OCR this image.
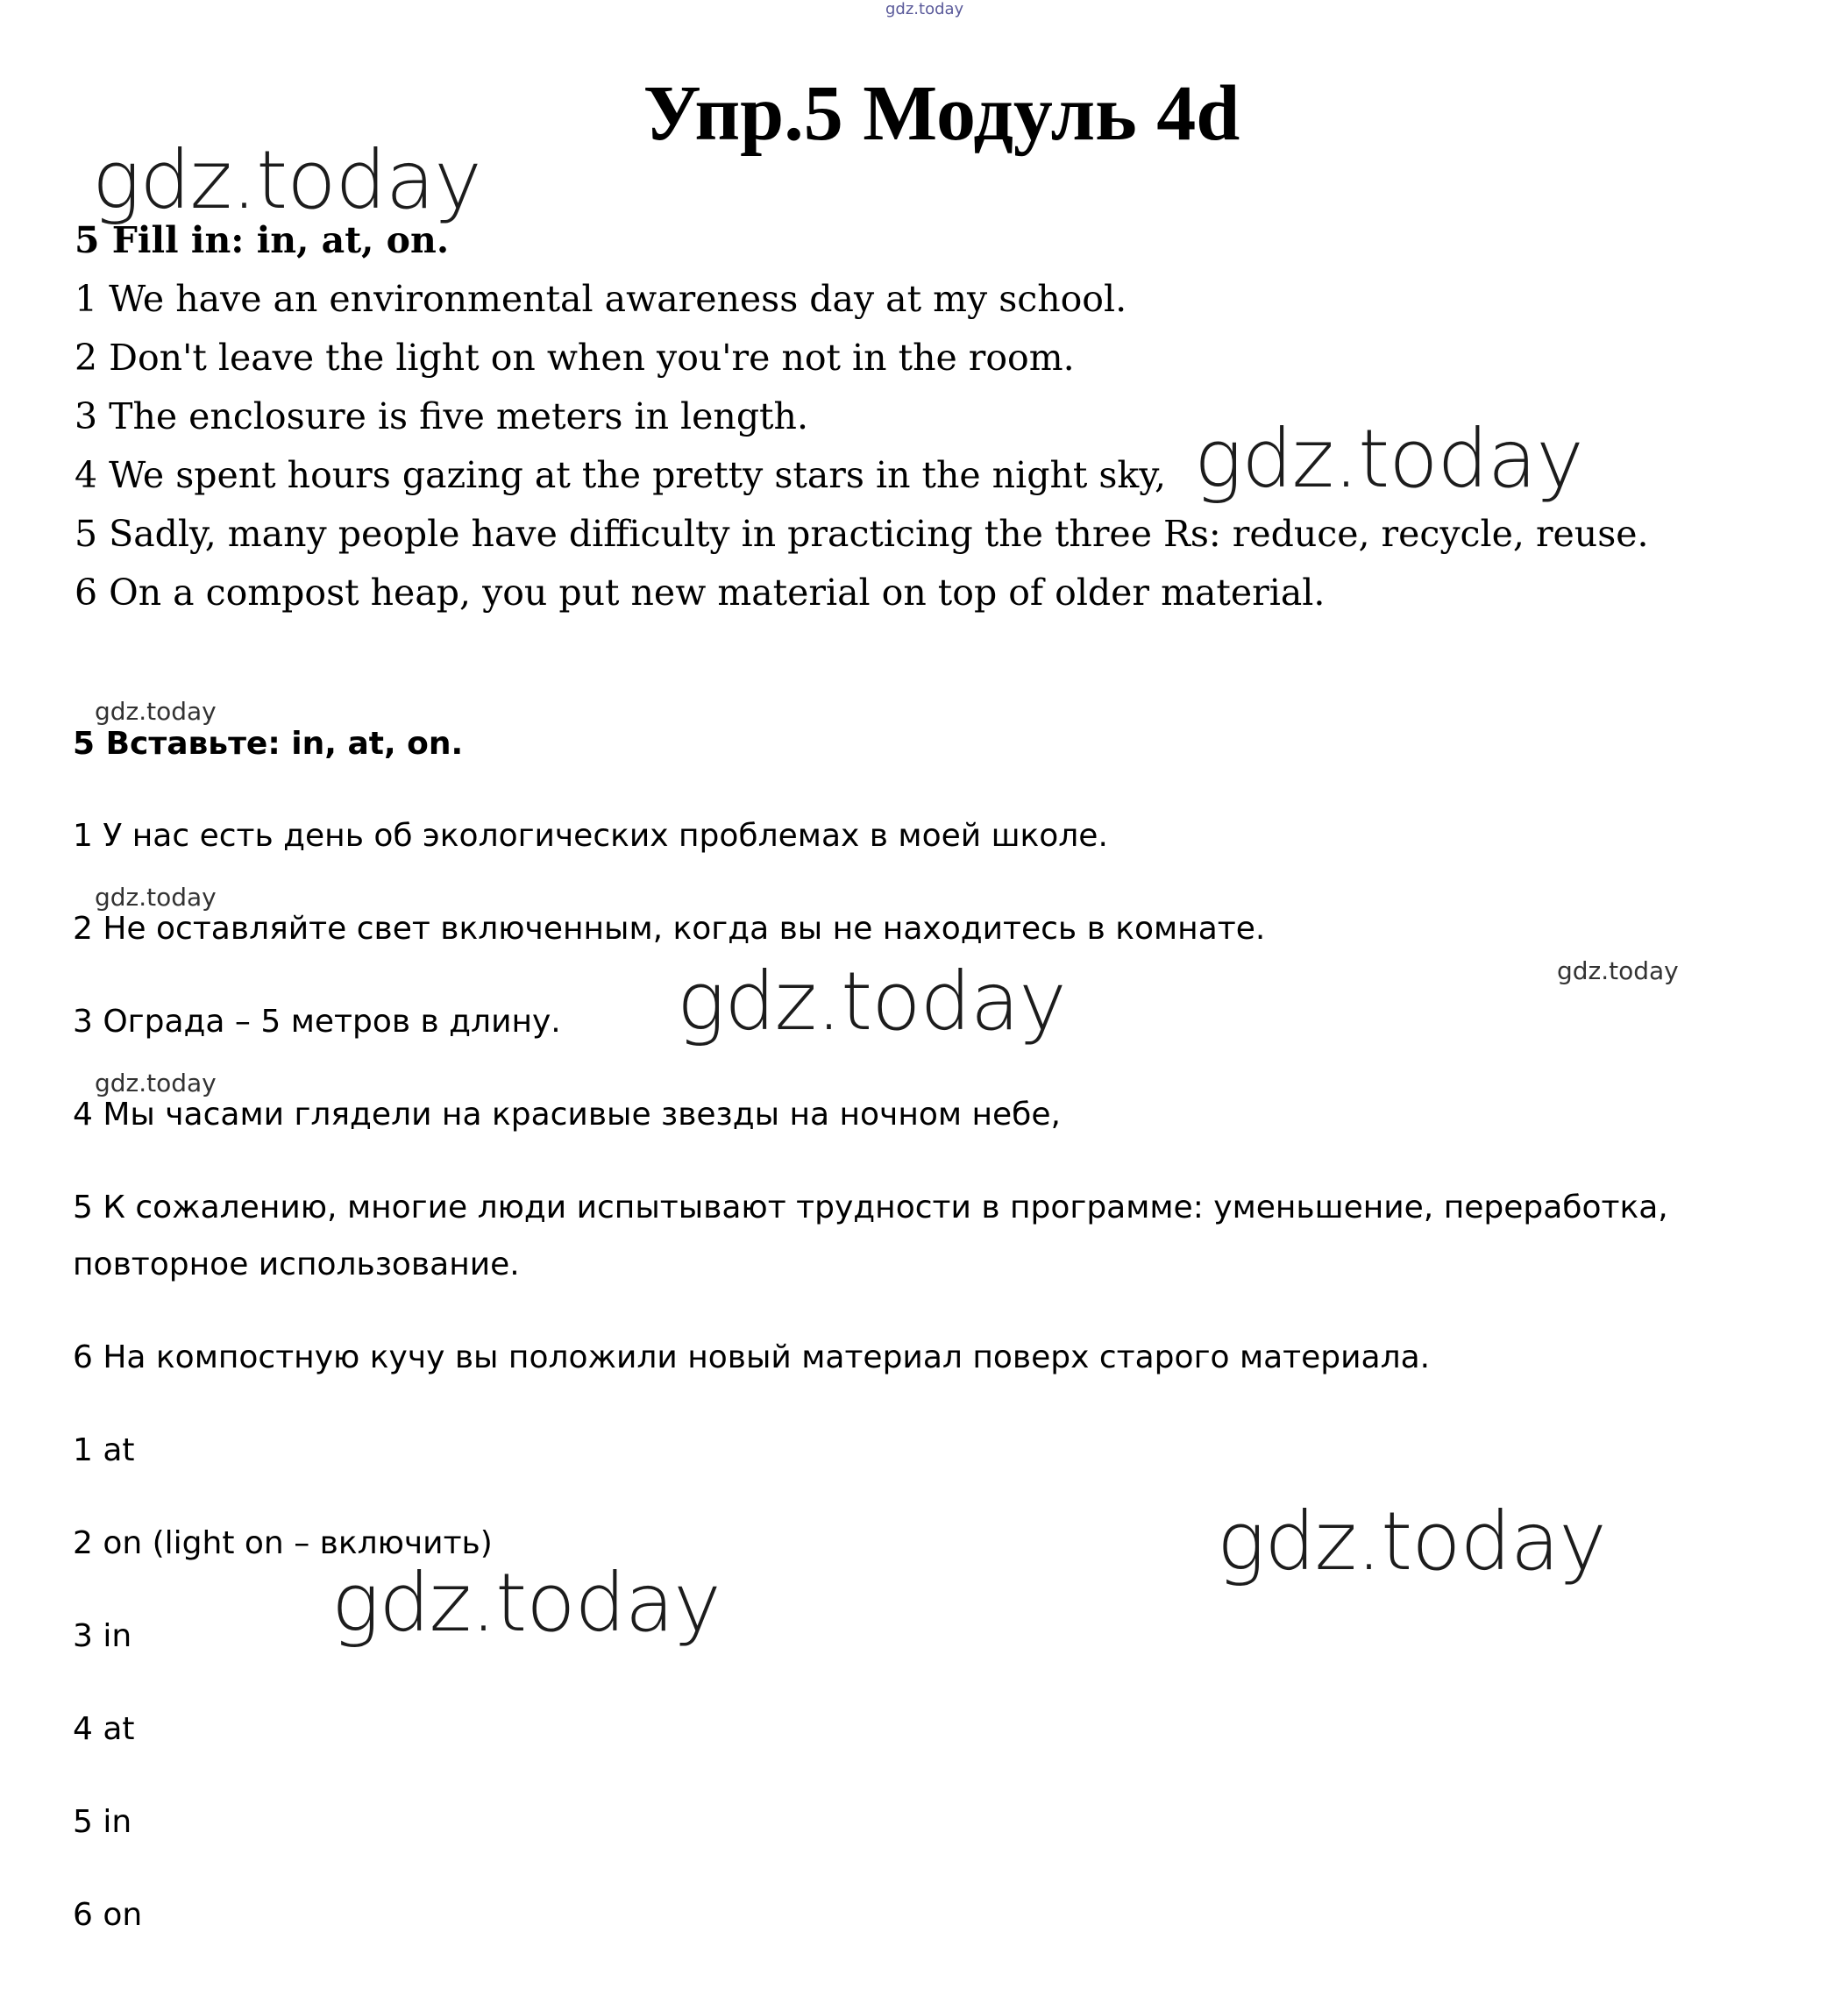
gdz.today
gdz.today
gdz.today
gdz.today
gdz.today
gdz.today
gdz.today
gdz.today
gdz.today
gdz.today
Упр.5 Модуль 4d
5 Fill in: in, at, on.
1 We have an environmental awareness day at my school.
2 Don't leave the light on when you're not in the room.
3 The enclosure is five meters in length.
4 We spent hours gazing at the pretty stars in the night sky,
5 Sadly, many people have difficulty in practicing the three Rs: reduce, recycle, reuse.
6 On a compost heap, you put new material on top of older material.
5 Вставьте: in, at, on.
1 У нас есть день об экологических проблемах в моей школе.
2 Не оставляйте свет включенным, когда вы не находитесь в комнате.
3 Ограда – 5 метров в длину.
4 Мы часами глядели на красивые звезды на ночном небе,
5 К сожалению, многие люди испытывают трудности в программе: уменьшение, переработка,
повторное использование.
6 На компостную кучу вы положили новый материал поверх старого материала.
1 at
2 on (light on – включить)
3 in
4 at
5 in
6 on
